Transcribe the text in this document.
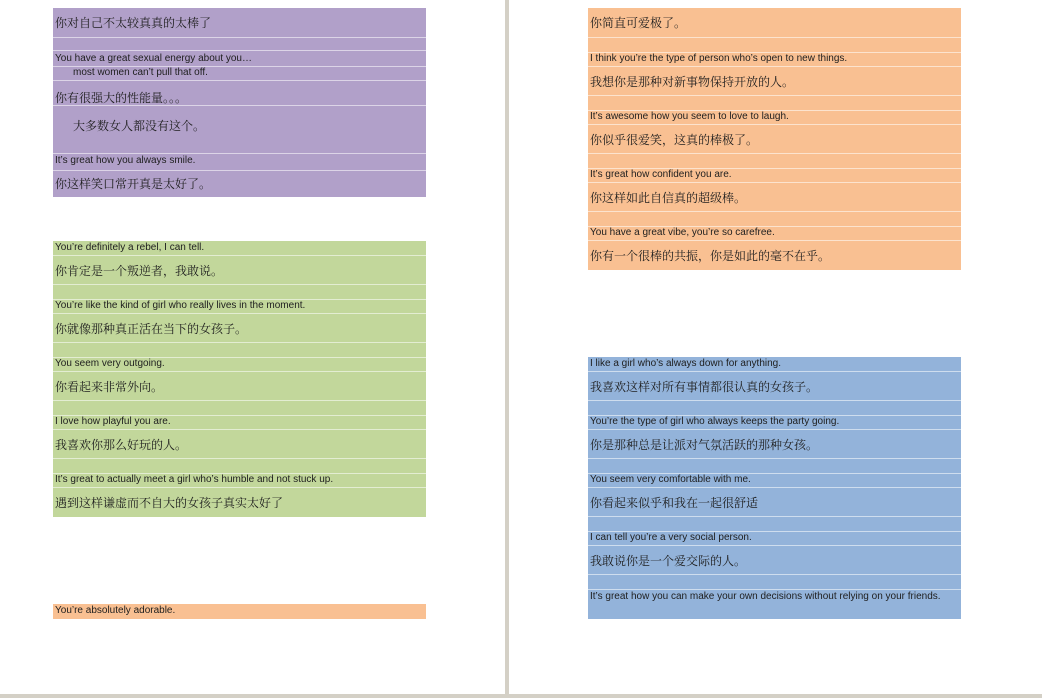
你对自己不太较真真的太棒了
You have a great sexual energy about you…
most women can’t pull that off.
你有很强大的性能量。。。
大多数女人都没有这个。
It’s great how you always smile.
你这样笑口常开真是太好了。
You’re definitely a rebel, I can tell.
你肯定是一个叛逆者，我敢说。
You’re like the kind of girl who really lives in the moment.
你就像那种真正活在当下的女孩子。
You seem very outgoing.
你看起来非常外向。
I love how playful you are.
我喜欢你那么好玩的人。
It’s great to actually meet a girl who’s humble and not stuck up.
遇到这样谦虚而不自大的女孩子真实太好了
You’re absolutely adorable.
你简直可爱极了。
I think you’re the type of person who’s open to new things.
我想你是那种对新事物保持开放的人。
It’s awesome how you seem to love to laugh.
你似乎很爱笑，这真的棒极了。
It’s great how confident you are.
你这样如此自信真的超级棒。
You have a great vibe, you’re so carefree.
你有一个很棒的共振，你是如此的毫不在乎。
I like a girl who’s always down for anything.
我喜欢这样对所有事情都很认真的女孩子。
You’re the type of girl who always keeps the party going.
你是那种总是让派对气氛活跃的那种女孩。
You seem very comfortable with me.
你看起来似乎和我在一起很舒适
I can tell you’re a very social person.
我敢说你是一个爱交际的人。
It’s great how you can make your own decisions without relying on your friends.
